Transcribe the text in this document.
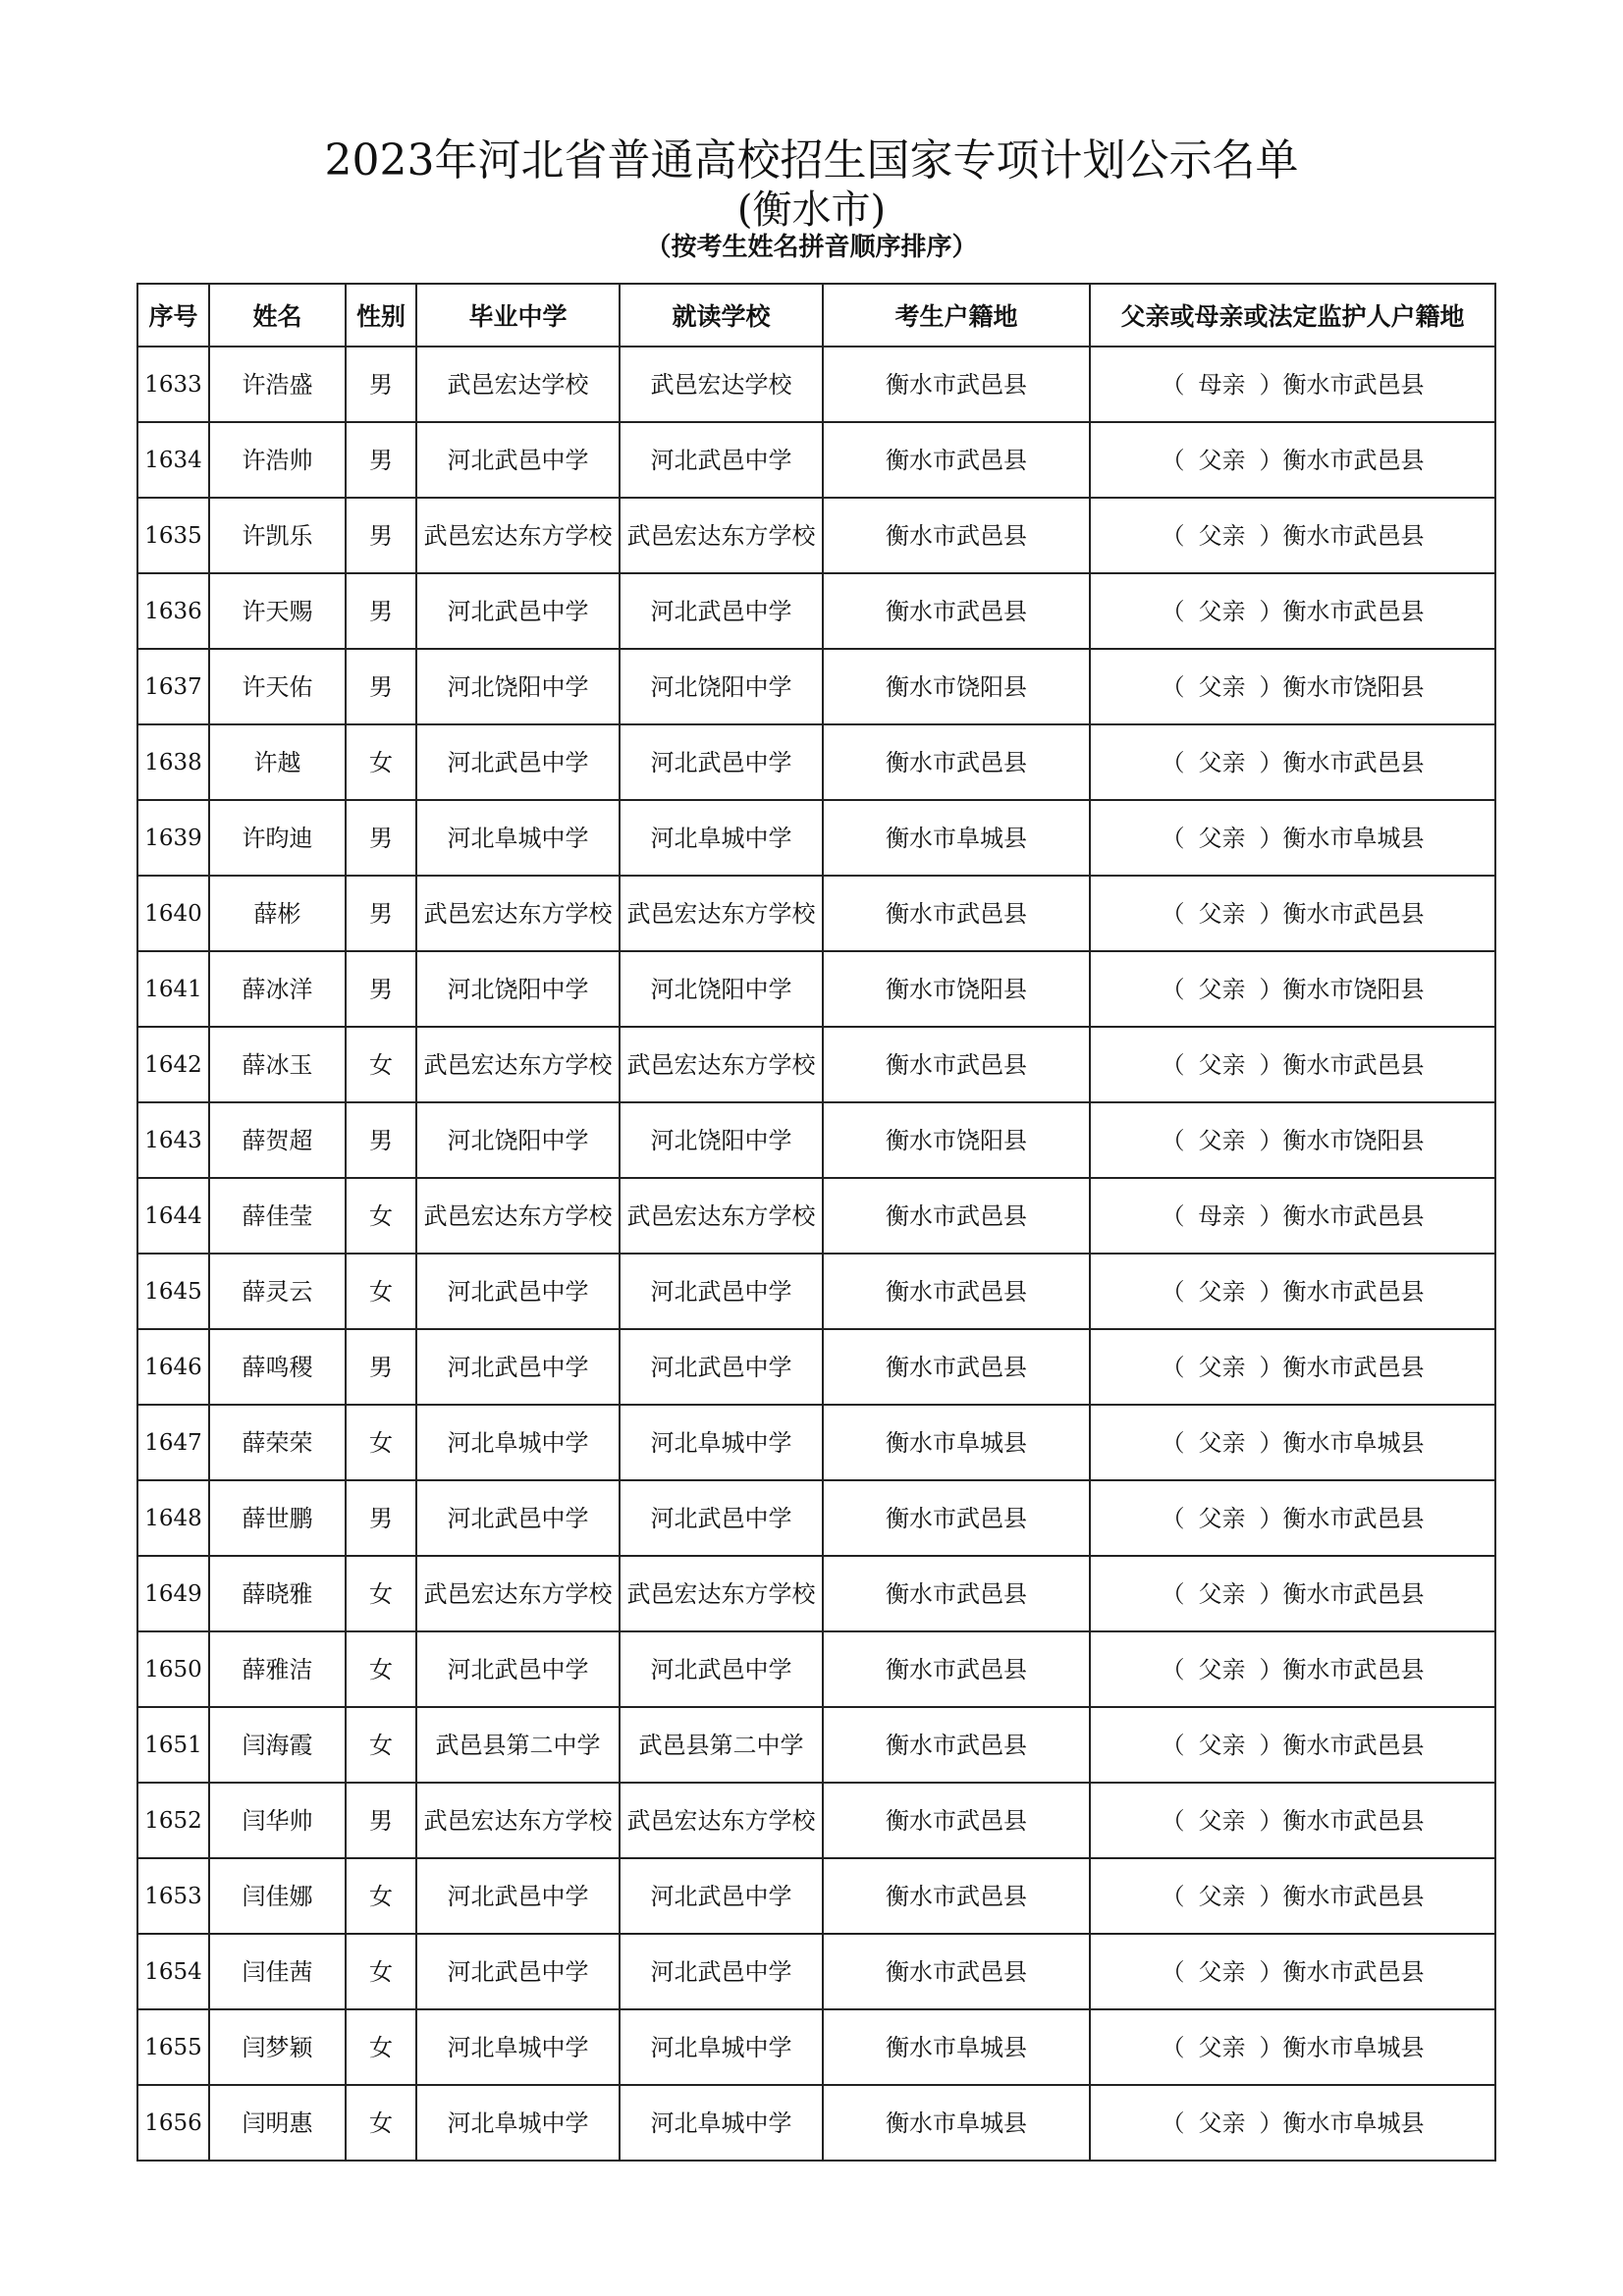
2023年河北省普通高校招生国家专项计划公示名单
(衡水市)
（按考生姓名拼音顺序排序）
序号	姓名	性别	毕业中学	就读学校	考生户籍地	父亲或母亲或法定监护人户籍地
1633	许浩盛	男	武邑宏达学校	武邑宏达学校	衡水市武邑县	（ 母亲 ）衡水市武邑县
1634	许浩帅	男	河北武邑中学	河北武邑中学	衡水市武邑县	（ 父亲 ）衡水市武邑县
1635	许凯乐	男	武邑宏达东方学校	武邑宏达东方学校	衡水市武邑县	（ 父亲 ）衡水市武邑县
1636	许天赐	男	河北武邑中学	河北武邑中学	衡水市武邑县	（ 父亲 ）衡水市武邑县
1637	许天佑	男	河北饶阳中学	河北饶阳中学	衡水市饶阳县	（ 父亲 ）衡水市饶阳县
1638	许越	女	河北武邑中学	河北武邑中学	衡水市武邑县	（ 父亲 ）衡水市武邑县
1639	许昀迪	男	河北阜城中学	河北阜城中学	衡水市阜城县	（ 父亲 ）衡水市阜城县
1640	薛彬	男	武邑宏达东方学校	武邑宏达东方学校	衡水市武邑县	（ 父亲 ）衡水市武邑县
1641	薛冰洋	男	河北饶阳中学	河北饶阳中学	衡水市饶阳县	（ 父亲 ）衡水市饶阳县
1642	薛冰玉	女	武邑宏达东方学校	武邑宏达东方学校	衡水市武邑县	（ 父亲 ）衡水市武邑县
1643	薛贺超	男	河北饶阳中学	河北饶阳中学	衡水市饶阳县	（ 父亲 ）衡水市饶阳县
1644	薛佳莹	女	武邑宏达东方学校	武邑宏达东方学校	衡水市武邑县	（ 母亲 ）衡水市武邑县
1645	薛灵云	女	河北武邑中学	河北武邑中学	衡水市武邑县	（ 父亲 ）衡水市武邑县
1646	薛鸣稷	男	河北武邑中学	河北武邑中学	衡水市武邑县	（ 父亲 ）衡水市武邑县
1647	薛荣荣	女	河北阜城中学	河北阜城中学	衡水市阜城县	（ 父亲 ）衡水市阜城县
1648	薛世鹏	男	河北武邑中学	河北武邑中学	衡水市武邑县	（ 父亲 ）衡水市武邑县
1649	薛晓雅	女	武邑宏达东方学校	武邑宏达东方学校	衡水市武邑县	（ 父亲 ）衡水市武邑县
1650	薛雅洁	女	河北武邑中学	河北武邑中学	衡水市武邑县	（ 父亲 ）衡水市武邑县
1651	闫海霞	女	武邑县第二中学	武邑县第二中学	衡水市武邑县	（ 父亲 ）衡水市武邑县
1652	闫华帅	男	武邑宏达东方学校	武邑宏达东方学校	衡水市武邑县	（ 父亲 ）衡水市武邑县
1653	闫佳娜	女	河北武邑中学	河北武邑中学	衡水市武邑县	（ 父亲 ）衡水市武邑县
1654	闫佳茜	女	河北武邑中学	河北武邑中学	衡水市武邑县	（ 父亲 ）衡水市武邑县
1655	闫梦颖	女	河北阜城中学	河北阜城中学	衡水市阜城县	（ 父亲 ）衡水市阜城县
1656	闫明惠	女	河北阜城中学	河北阜城中学	衡水市阜城县	（ 父亲 ）衡水市阜城县
